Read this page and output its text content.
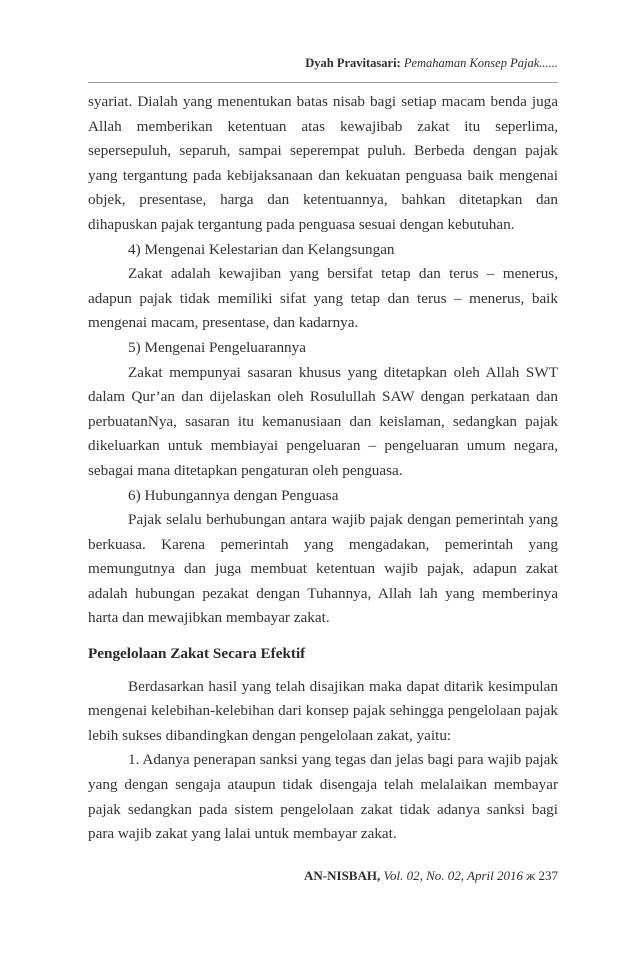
Dyah Pravitasari: Pemahaman Konsep Pajak......

syariat. Dialah yang menentukan batas nisab bagi setiap macam benda juga Allah memberikan ketentuan atas kewajibab zakat itu seperlima, sepersepuluh, separuh, sampai seperempat puluh. Berbeda dengan pajak yang tergantung pada kebijaksanaan dan kekuatan penguasa baik mengenai objek, presentase, harga dan ketentuannya, bahkan ditetapkan dan dihapuskan pajak tergantung pada penguasa sesuai dengan kebutuhan.

4) Mengenai Kelestarian dan Kelangsungan

Zakat adalah kewajiban yang bersifat tetap dan terus – menerus, adapun pajak tidak memiliki sifat yang tetap dan terus – menerus, baik mengenai macam, presentase, dan kadarnya.

5) Mengenai Pengeluarannya

Zakat mempunyai sasaran khusus yang ditetapkan oleh Allah SWT dalam Qur’an dan dijelaskan oleh Rosulullah SAW dengan perkataan dan perbuatanNya, sasaran itu kemanusiaan dan keislaman, sedangkan pajak dikeluarkan untuk membiayai pengeluaran – pengeluaran umum negara, sebagai mana ditetapkan pengaturan oleh penguasa.

6) Hubungannya dengan Penguasa

Pajak selalu berhubungan antara wajib pajak dengan pemerintah yang berkuasa. Karena pemerintah yang mengadakan, pemerintah yang memungutnya dan juga membuat ketentuan wajib pajak, adapun zakat adalah hubungan pezakat dengan Tuhannya, Allah lah yang memberinya harta dan mewajibkan membayar zakat.

Pengelolaan Zakat Secara Efektif

Berdasarkan hasil yang telah disajikan maka dapat ditarik kesimpulan mengenai kelebihan-kelebihan dari konsep pajak sehingga pengelolaan pajak lebih sukses dibandingkan dengan pengelolaan zakat, yaitu:

1. Adanya penerapan sanksi yang tegas dan jelas bagi para wajib pajak yang dengan sengaja ataupun tidak disengaja telah melalaikan membayar pajak sedangkan pada sistem pengelolaan zakat tidak adanya sanksi bagi para wajib zakat yang lalai untuk membayar zakat.

AN-NISBAH, Vol. 02, No. 02, April 2016 ж 237
